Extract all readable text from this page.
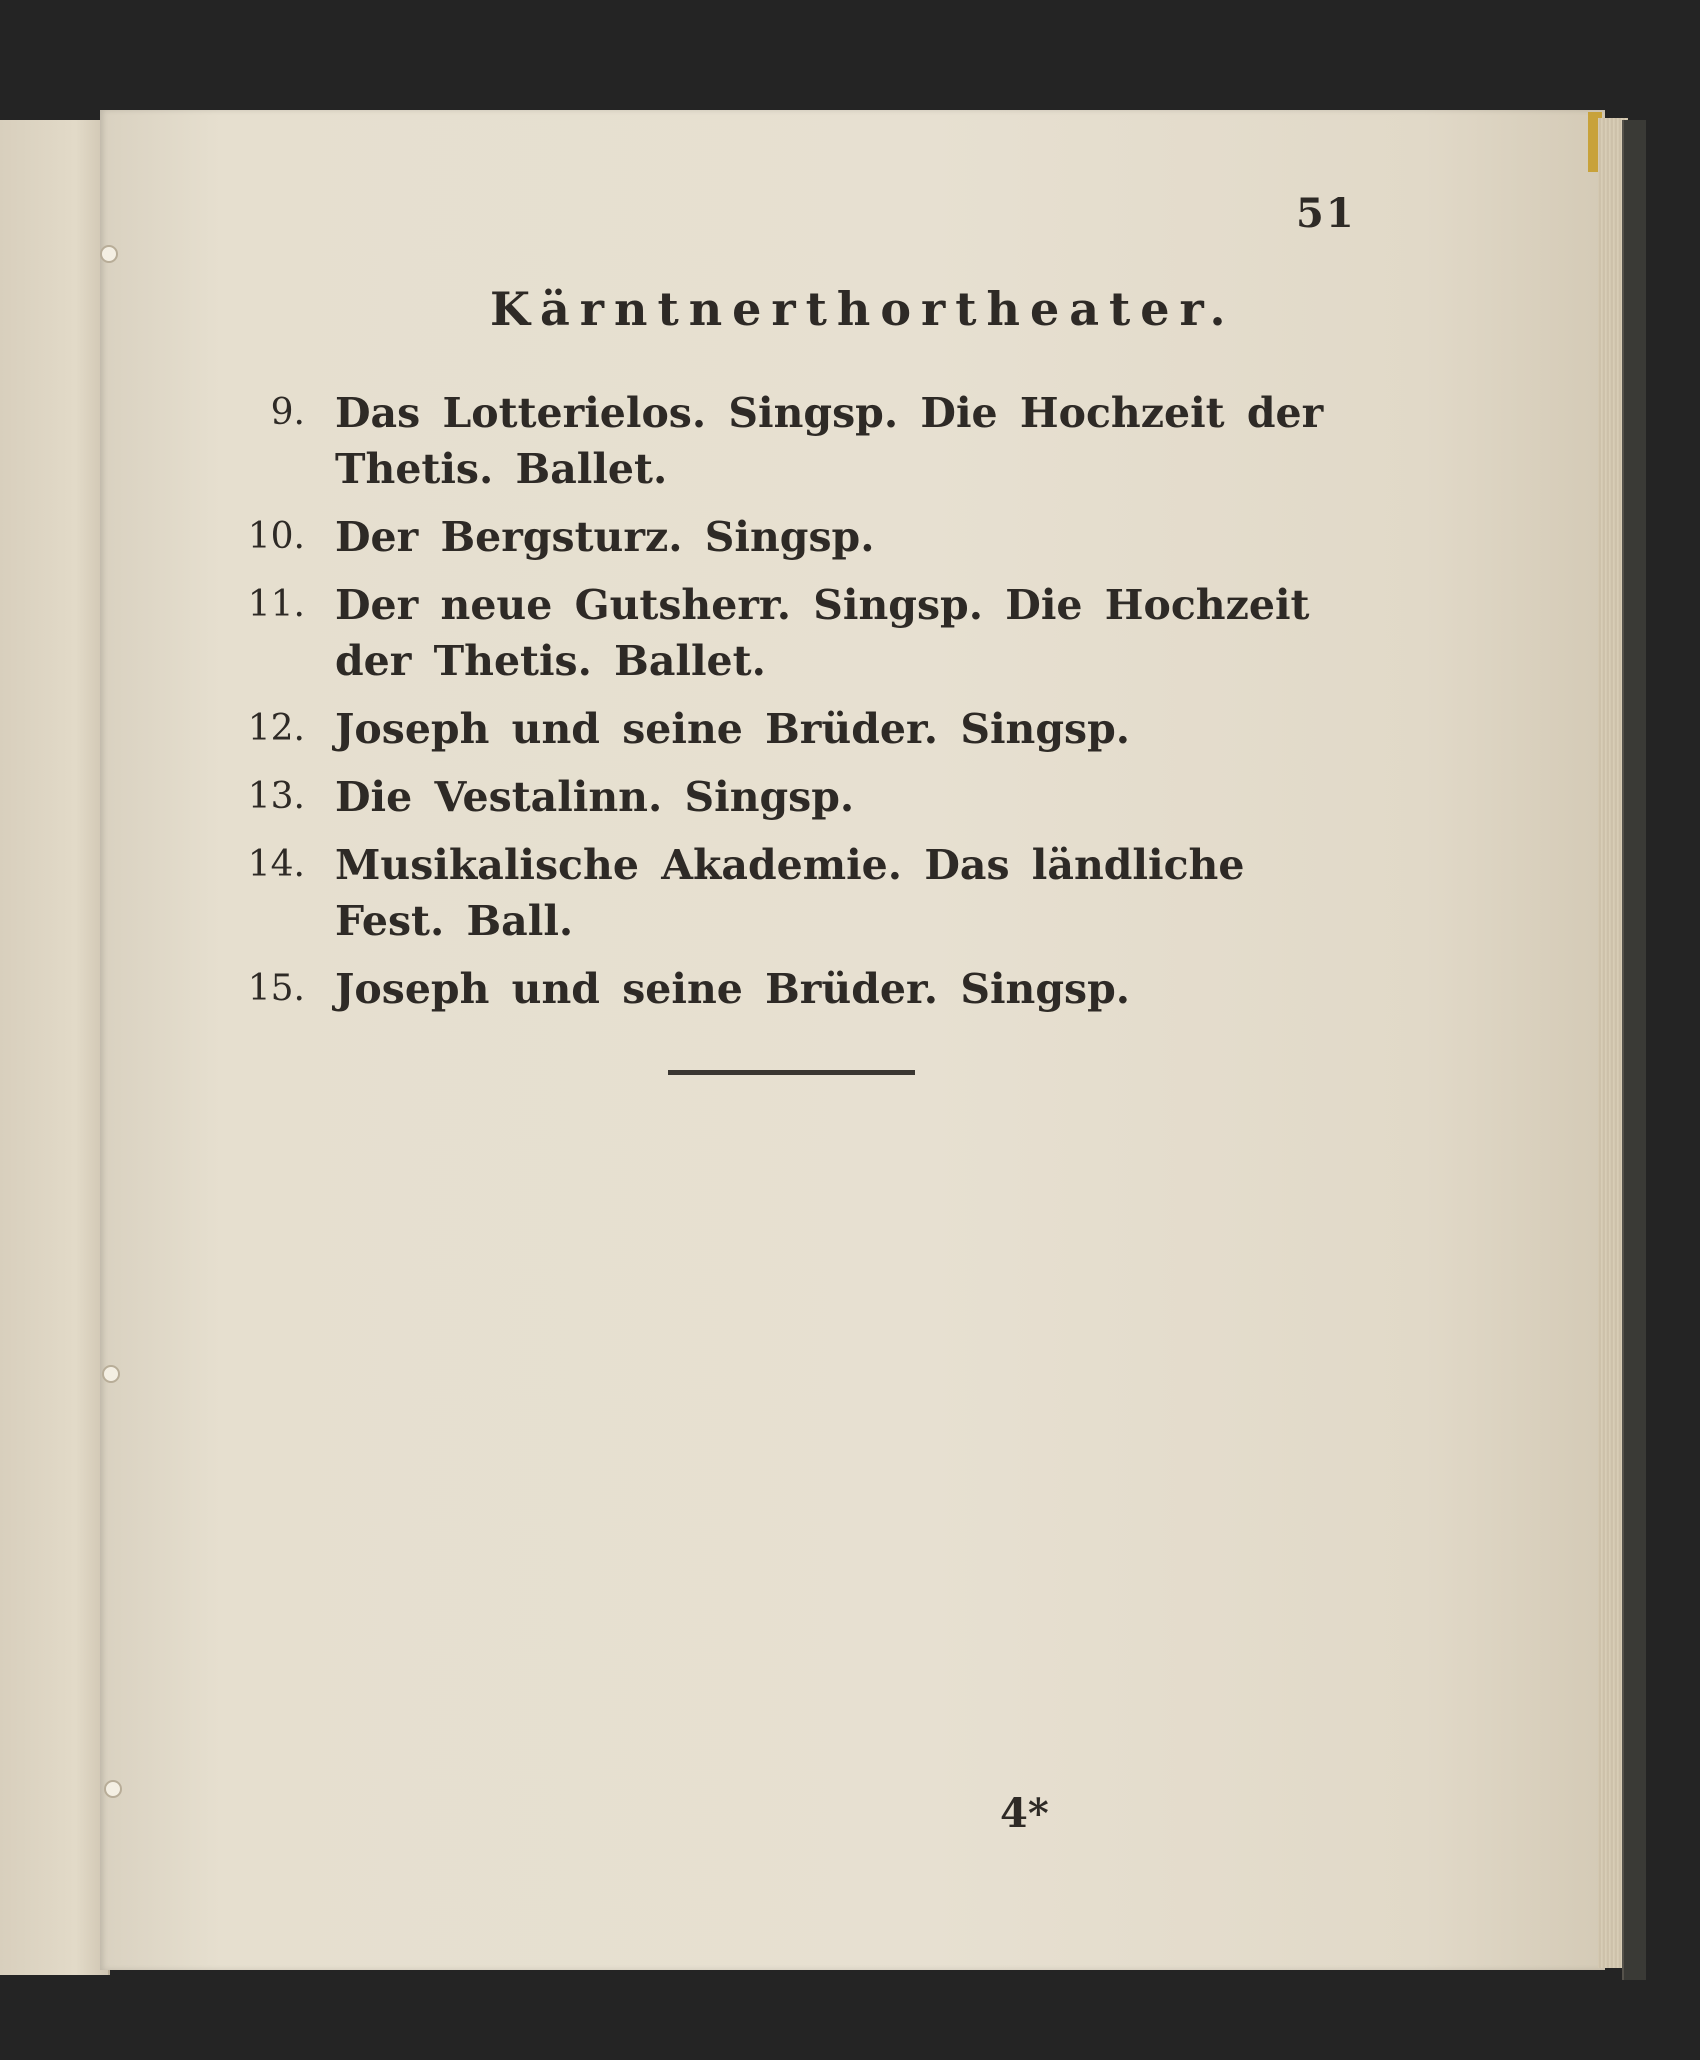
51
Kärntnerthortheater.
9. Das Lotterielos. Singsp. Die Hochzeit der Thetis. Ballet.
10. Der Bergsturz. Singsp.
11. Der neue Gutsherr. Singsp. Die Hochzeit der Thetis. Ballet.
12. Joseph und seine Brüder. Singsp.
13. Die Vestalinn. Singsp.
14. Musikalische Akademie. Das ländliche Fest. Ball.
15. Joseph und seine Brüder. Singsp.
4*
